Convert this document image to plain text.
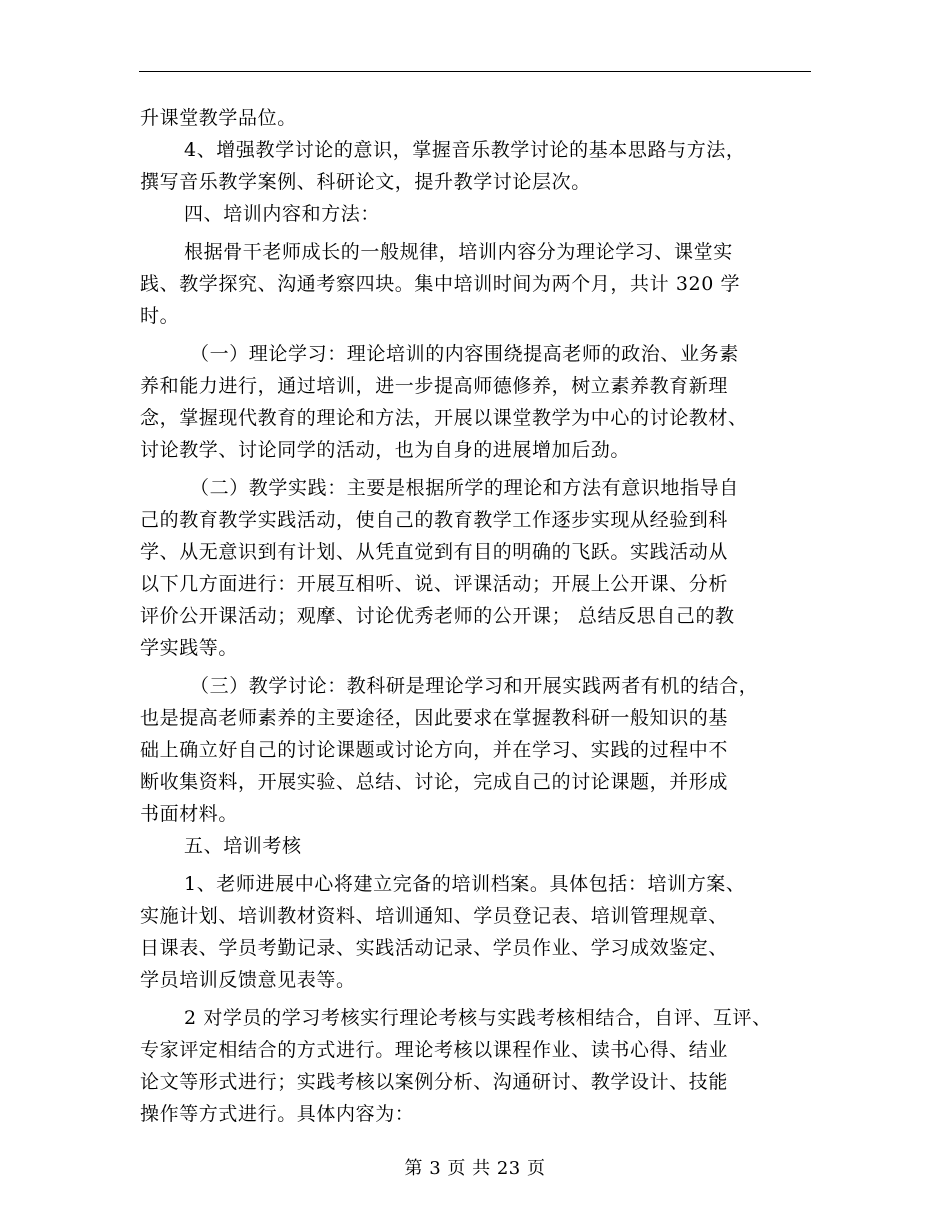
升课堂教学品位。
4、增强教学讨论的意识，掌握音乐教学讨论的基本思路与方法，
撰写音乐教学案例、科研论文，提升教学讨论层次。
四、培训内容和方法：
根据骨干老师成长的一般规律，培训内容分为理论学习、课堂实
践、教学探究、沟通考察四块。集中培训时间为两个月，共计 320 学
时。
（一）理论学习：理论培训的内容围绕提高老师的政治、业务素
养和能力进行，通过培训，进一步提高师德修养，树立素养教育新理
念，掌握现代教育的理论和方法，开展以课堂教学为中心的讨论教材、
讨论教学、讨论同学的活动，也为自身的进展增加后劲。
（二）教学实践：主要是根据所学的理论和方法有意识地指导自
己的教育教学实践活动，使自己的教育教学工作逐步实现从经验到科
学、从无意识到有计划、从凭直觉到有目的明确的飞跃。实践活动从
以下几方面进行：开展互相听、说、评课活动；开展上公开课、分析
评价公开课活动；观摩、讨论优秀老师的公开课； 总结反思自己的教
学实践等。
（三）教学讨论：教科研是理论学习和开展实践两者有机的结合，
也是提高老师素养的主要途径，因此要求在掌握教科研一般知识的基
础上确立好自己的讨论课题或讨论方向，并在学习、实践的过程中不
断收集资料，开展实验、总结、讨论，完成自己的讨论课题，并形成
书面材料。
五、培训考核
1、老师进展中心将建立完备的培训档案。具体包括：培训方案、
实施计划、培训教材资料、培训通知、学员登记表、培训管理规章、
日课表、学员考勤记录、实践活动记录、学员作业、学习成效鉴定、
学员培训反馈意见表等。
2 对学员的学习考核实行理论考核与实践考核相结合，自评、互评、
专家评定相结合的方式进行。理论考核以课程作业、读书心得、结业
论文等形式进行；实践考核以案例分析、沟通研讨、教学设计、技能
操作等方式进行。具体内容为：
第 3 页 共 23 页
